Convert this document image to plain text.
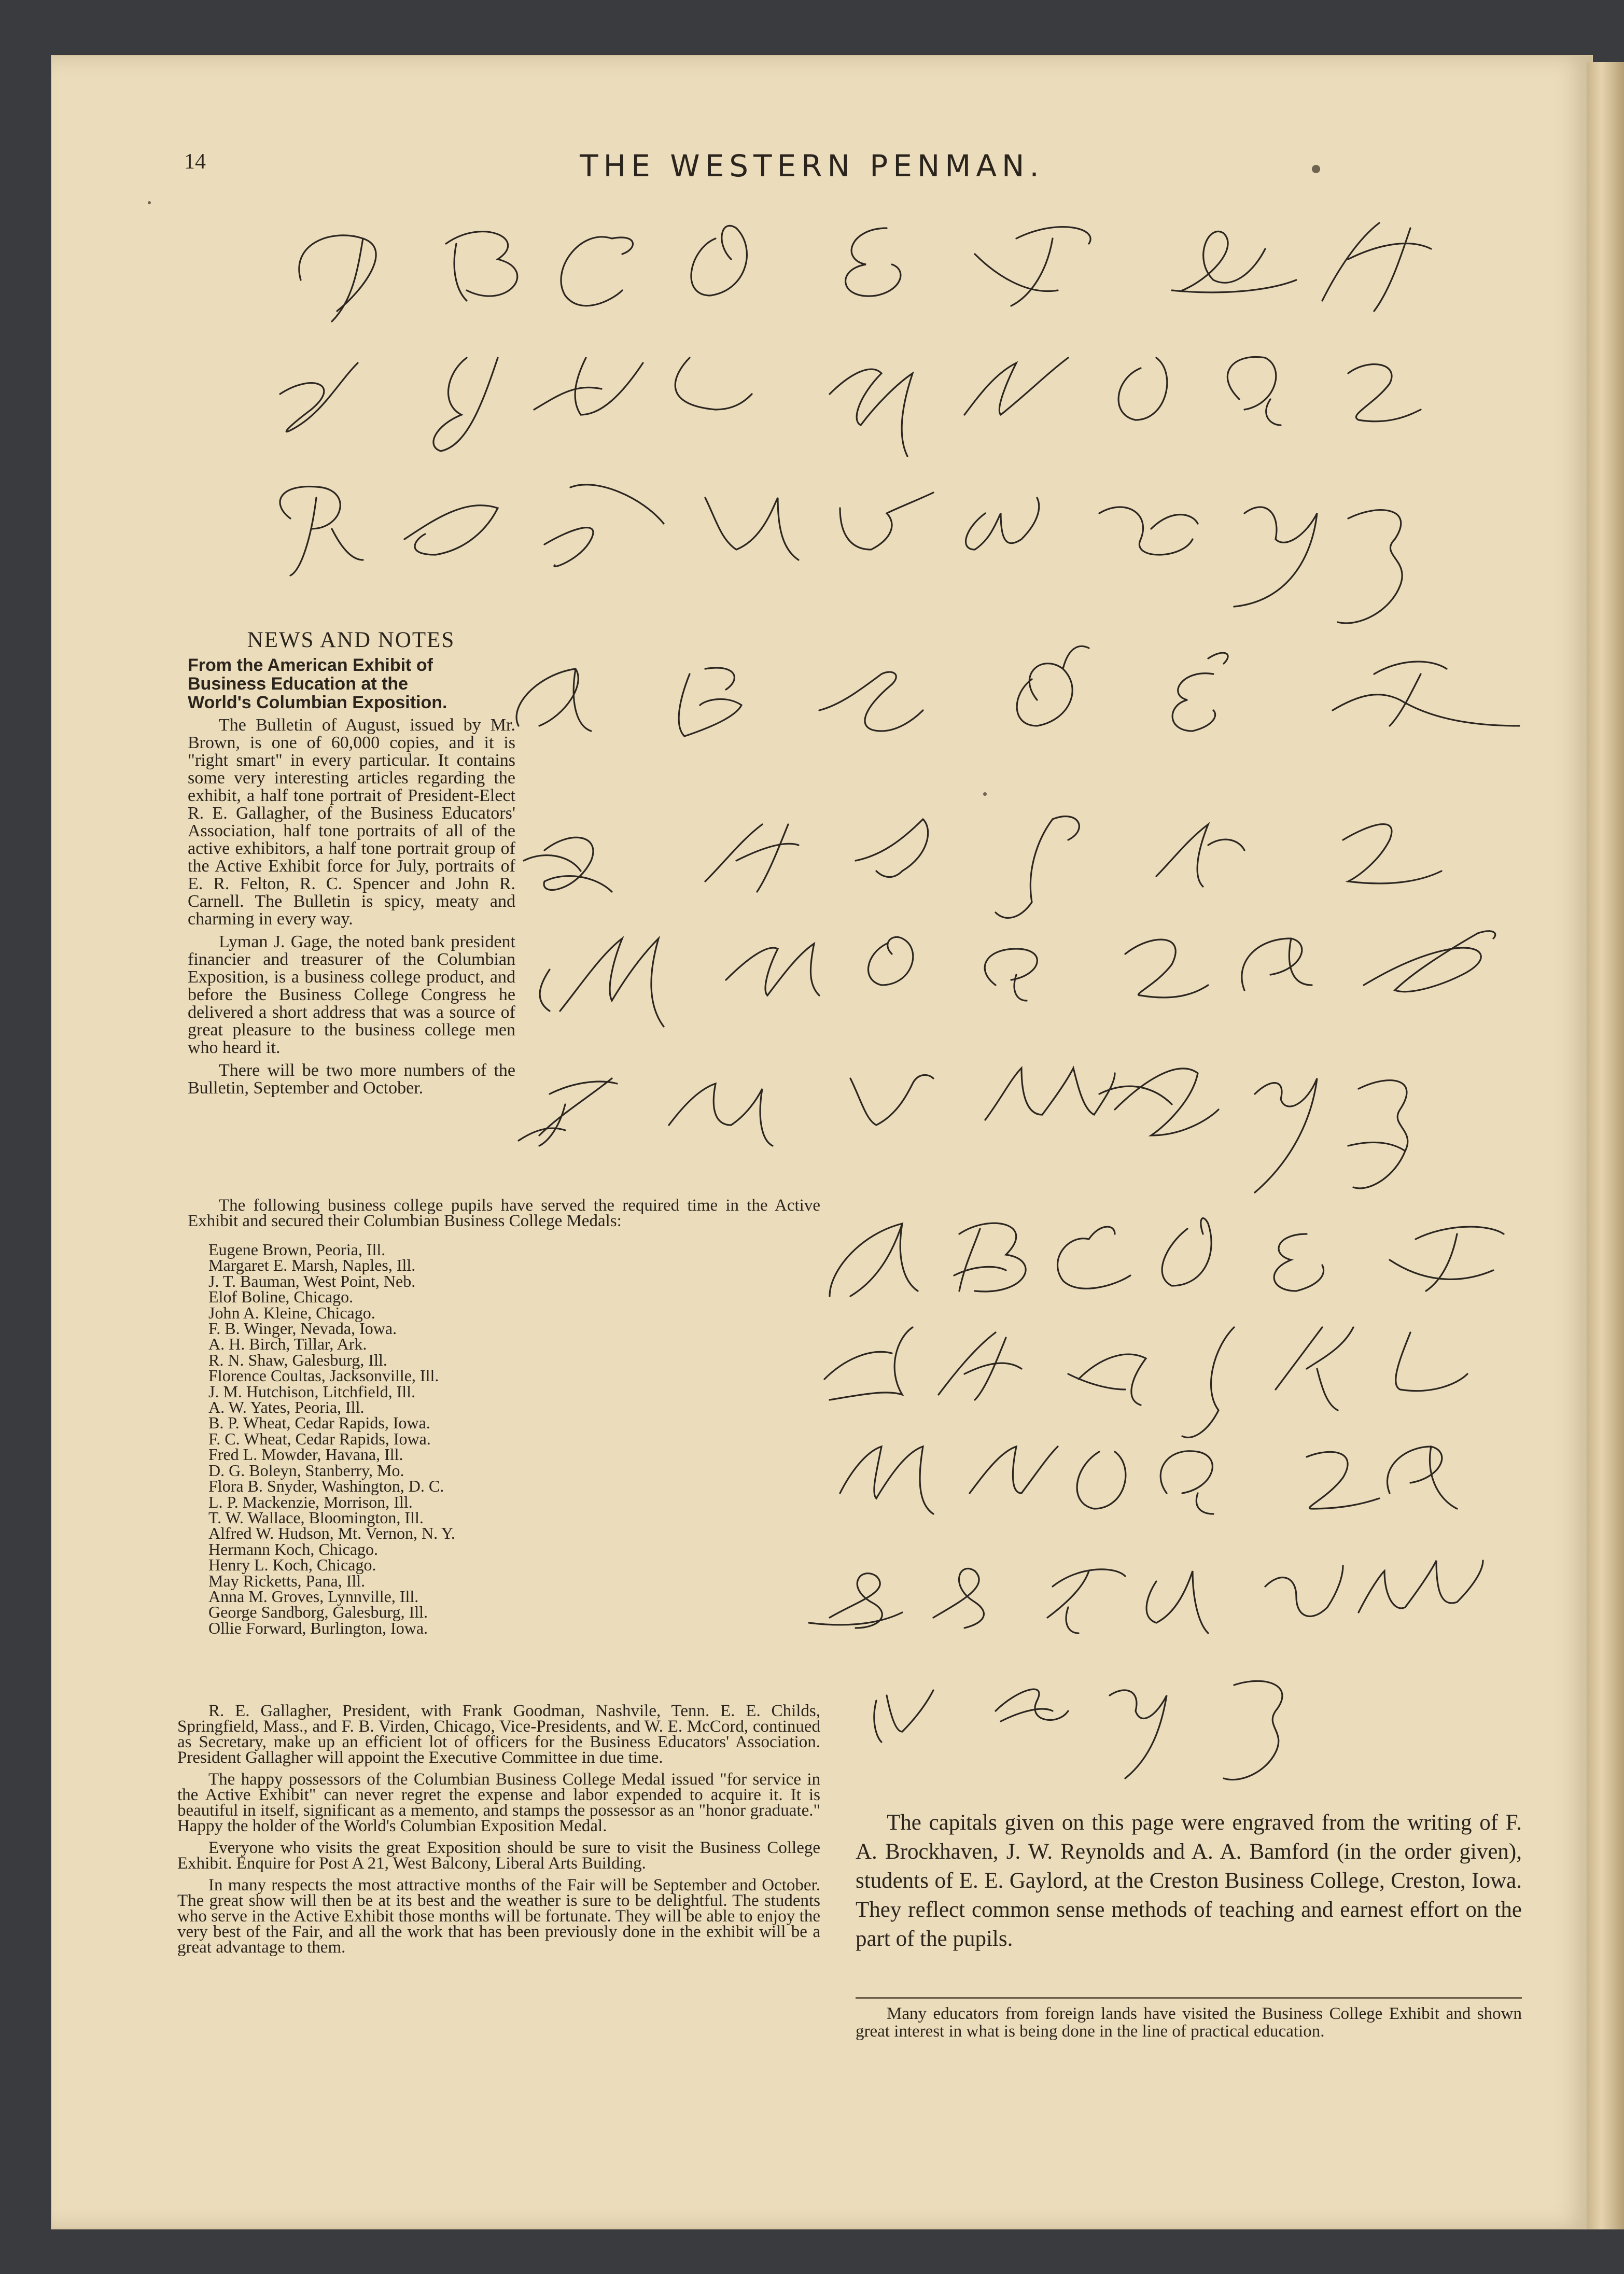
14	THE WESTERN PENMAN.
NEWS AND NOTES
From the American Exhibit of
Business Education at the
World's Columbian Exposition.

The Bulletin of August, issued by Mr. Brown, is one of 60,000 copies, and it is "right smart" in every particular. It contains some very interesting articles regarding the exhibit, a half tone portrait of President-Elect R. E. Gallagher, of the Business Educators' Association, half tone portraits of all of the active exhibitors, a half tone portrait group of the Active Exhibit force for July, portraits of E. R. Felton, R. C. Spencer and John R. Carnell. The Bulletin is spicy, meaty and charming in every way.

Lyman J. Gage, the noted bank president financier and treasurer of the Columbian Exposition, is a business college product, and before the Business College Congress he delivered a short address that was a source of great pleasure to the business college men who heard it.

There will be two more numbers of the Bulletin, September and October.

The following business college pupils have served the required time in the Active Exhibit and secured their Columbian Business College Medals:

Eugene Brown, Peoria, Ill.
Margaret E. Marsh, Naples, Ill.
J. T. Bauman, West Point, Neb.
Elof Boline, Chicago.
John A. Kleine, Chicago.
F. B. Winger, Nevada, Iowa.
A. H. Birch, Tillar, Ark.
R. N. Shaw, Galesburg, Ill.
Florence Coultas, Jacksonville, Ill.
J. M. Hutchison, Litchfield, Ill.
A. W. Yates, Peoria, Ill.
B. P. Wheat, Cedar Rapids, Iowa.
F. C. Wheat, Cedar Rapids, Iowa.
Fred L. Mowder, Havana, Ill.
D. G. Boleyn, Stanberry, Mo.
Flora B. Snyder, Washington, D. C.
L. P. Mackenzie, Morrison, Ill.
T. W. Wallace, Bloomington, Ill.
Alfred W. Hudson, Mt. Vernon, N. Y.
Hermann Koch, Chicago.
Henry L. Koch, Chicago.
May Ricketts, Pana, Ill.
Anna M. Groves, Lynnville, Ill.
George Sandborg, Galesburg, Ill.
Ollie Forward, Burlington, Iowa.

R. E. Gallagher, President, with Frank Goodman, Nashvile, Tenn. E. E. Childs, Springfield, Mass., and F. B. Virden, Chicago, Vice-Presidents, and W. E. McCord, continued as Secretary, make up an efficient lot of officers for the Business Educators' Association. President Gallagher will appoint the Executive Committee in due time.

The happy possessors of the Columbian Business College Medal issued "for service in the Active Exhibit" can never regret the expense and labor expended to acquire it. It is beautiful in itself, significant as a memento, and stamps the possessor as an "honor graduate." Happy the holder of the World's Columbian Exposition Medal.

Everyone who visits the great Exposition should be sure to visit the Business College Exhibit. Enquire for Post A 21, West Balcony, Liberal Arts Building.

In many respects the most attractive months of the Fair will be September and October. The great show will then be at its best and the weather is sure to be delightful. The students who serve in the Active Exhibit those months will be fortunate. They will be able to enjoy the very best of the Fair, and all the work that has been previously done in the exhibit will be a great advantage to them.

The capitals given on this page were engraved from the writing of F. A. Brockhaven, J. W. Reynolds and A. A. Bamford (in the order given), students of E. E. Gaylord, at the Creston Business College, Creston, Iowa. They reflect common sense methods of teaching and earnest effort on the part of the pupils.

Many educators from foreign lands have visited the Business College Exhibit and shown great interest in what is being done in the line of practical education.
